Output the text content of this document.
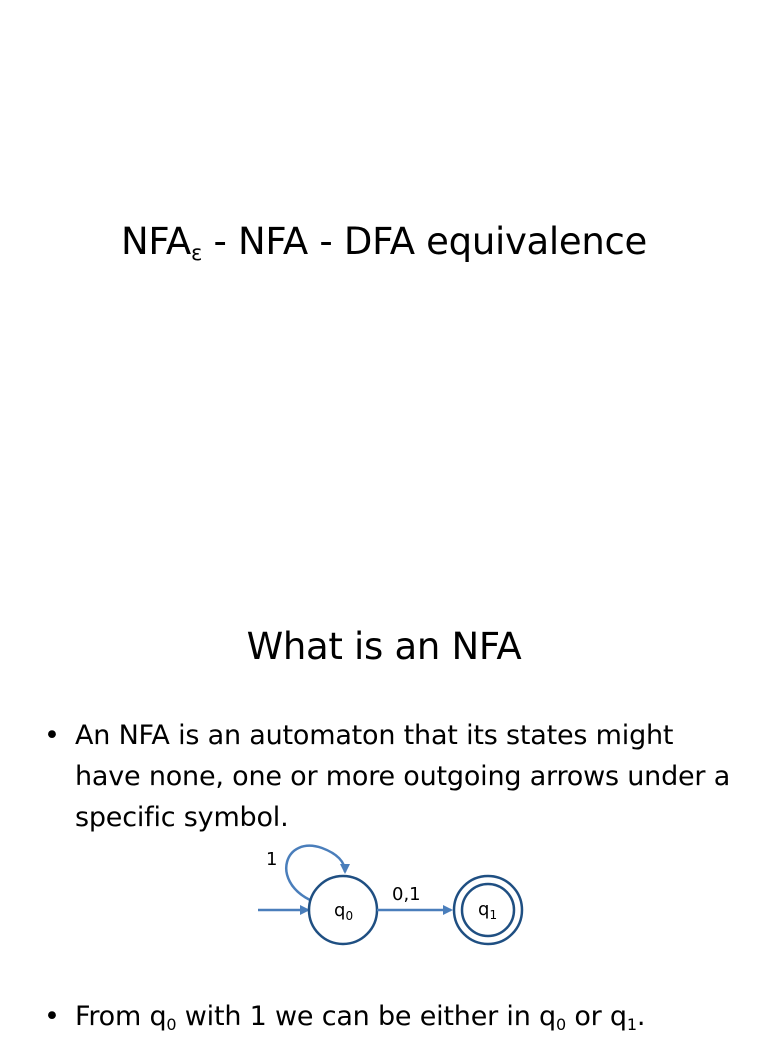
$NFA_\varepsilon$ - NFA - DFA equivalence
What is an NFA
• An NFA is an automaton that its states might have none, one or more outgoing arrows under a specific symbol.
1
$q_0$
0,1
$q_1$
• From $q_0$ with 1 we can be either in $q_0$ or $q_1$.
